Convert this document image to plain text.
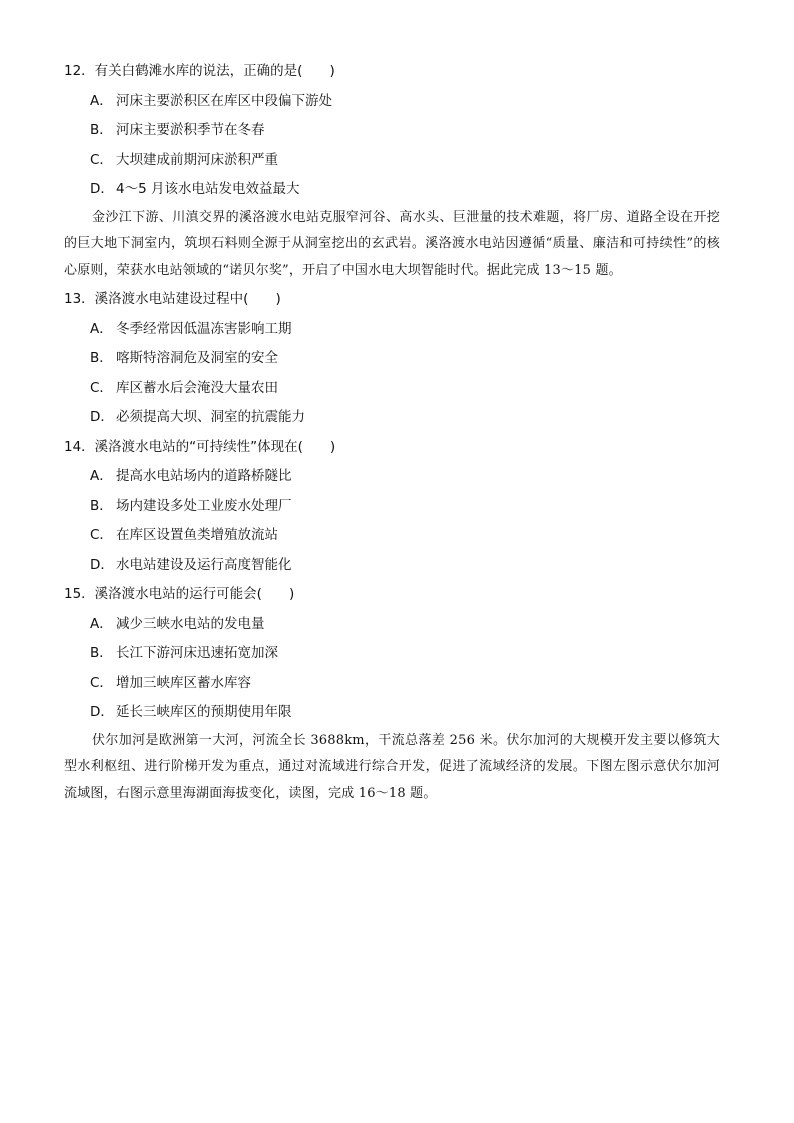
12．有关白鹤滩水库的说法，正确的是(　　)
A． 河床主要淤积区在库区中段偏下游处
B． 河床主要淤积季节在冬春
C． 大坝建成前期河床淤积严重
D． 4～5 月该水电站发电效益最大

金沙江下游、川滇交界的溪洛渡水电站克服窄河谷、高水头、巨泄量的技术难题，将厂房、道路全设在开挖的巨大地下洞室内，筑坝石料则全源于从洞室挖出的玄武岩。溪洛渡水电站因遵循“质量、廉洁和可持续性”的核心原则，荣获水电站领域的“诺贝尔奖”，开启了中国水电大坝智能时代。据此完成 13～15 题。

13．溪洛渡水电站建设过程中(　　)
A． 冬季经常因低温冻害影响工期
B． 喀斯特溶洞危及洞室的安全
C． 库区蓄水后会淹没大量农田
D． 必须提高大坝、洞室的抗震能力
14．溪洛渡水电站的“可持续性”体现在(　　)
A． 提高水电站场内的道路桥隧比
B． 场内建设多处工业废水处理厂
C． 在库区设置鱼类增殖放流站
D． 水电站建设及运行高度智能化
15．溪洛渡水电站的运行可能会(　　)
A． 减少三峡水电站的发电量
B． 长江下游河床迅速拓宽加深
C． 增加三峡库区蓄水库容
D． 延长三峡库区的预期使用年限

伏尔加河是欧洲第一大河，河流全长 3688km，干流总落差 256 米。伏尔加河的大规模开发主要以修筑大型水利枢纽、进行阶梯开发为重点，通过对流域进行综合开发，促进了流域经济的发展。下图左图示意伏尔加河流域图，右图示意里海湖面海拔变化，读图，完成 16～18 题。
